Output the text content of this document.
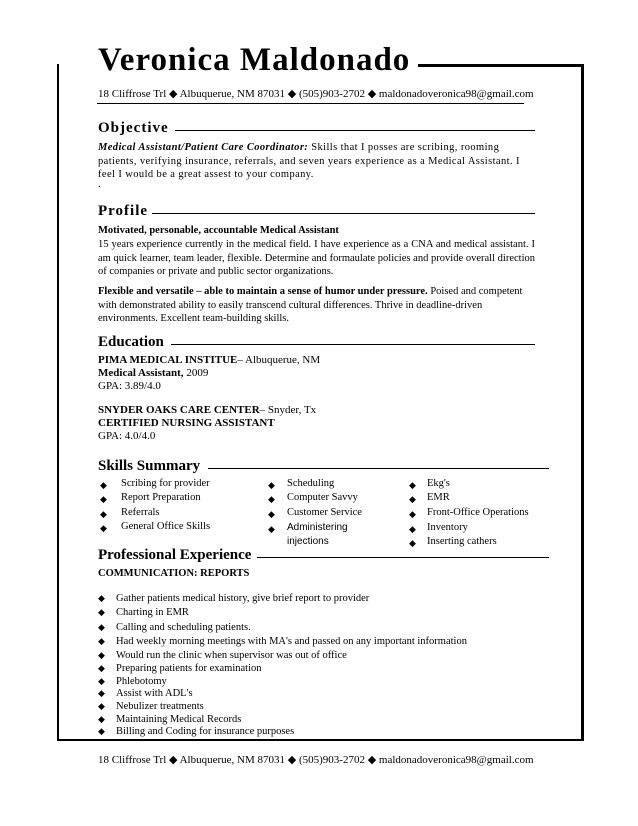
Veronica Maldonado
18 Cliffrose Trl ◆ Albuquerue, NM 87031 ◆ (505)903-2702 ◆ maldonadoveronica98@gmail.com
Objective
Medical Assistant/Patient Care Coordinator: Skills that I posses are scribing, rooming patients, verifying insurance, referrals, and seven years experience as a Medical Assistant. I feel I would be a great assest to your company.
.
Profile
Motivated, personable, accountable Medical Assistant
15 years experience currently in the medical field. I have experience as a CNA and medical assistant. I am quick learner, team leader, flexible. Determine and formaulate policies and provide overall direction of companies or private and public sector organizations.
Flexible and versatile – able to maintain a sense of humor under pressure. Poised and competent with demonstrated ability to easily transcend cultural differences. Thrive in deadline-driven environments. Excellent team-building skills.
Education
PIMA MEDICAL INSTITUE– Albuquerue, NM
Medical Assistant, 2009
GPA: 3.89/4.0
SNYDER OAKS CARE CENTER– Snyder, Tx
CERTIFIED NURSING ASSISTANT
GPA: 4.0/4.0
Skills Summary
◆ Scribing for provider
◆ Report Preparation
◆ Referrals
◆ General Office Skills
◆ Scheduling
◆ Computer Savvy
◆ Customer Service
◆ Administering
injections
◆ Ekg's
◆ EMR
◆ Front-Office Operations
◆ Inventory
◆ Inserting cathers
Professional Experience
COMMUNICATION: REPORTS
◆ Gather patients medical history, give brief report to provider
◆ Charting in EMR
◆ Calling and scheduling patients.
◆ Had weekly morning meetings with MA's and passed on any important information
◆ Would run the clinic when supervisor was out of office
◆ Preparing patients for examination
◆ Phlebotomy
◆ Assist with ADL's
◆ Nebulizer treatments
◆ Maintaining Medical Records
◆ Billing and Coding for insurance purposes
18 Cliffrose Trl ◆ Albuquerue, NM 87031 ◆ (505)903-2702 ◆ maldonadoveronica98@gmail.com
